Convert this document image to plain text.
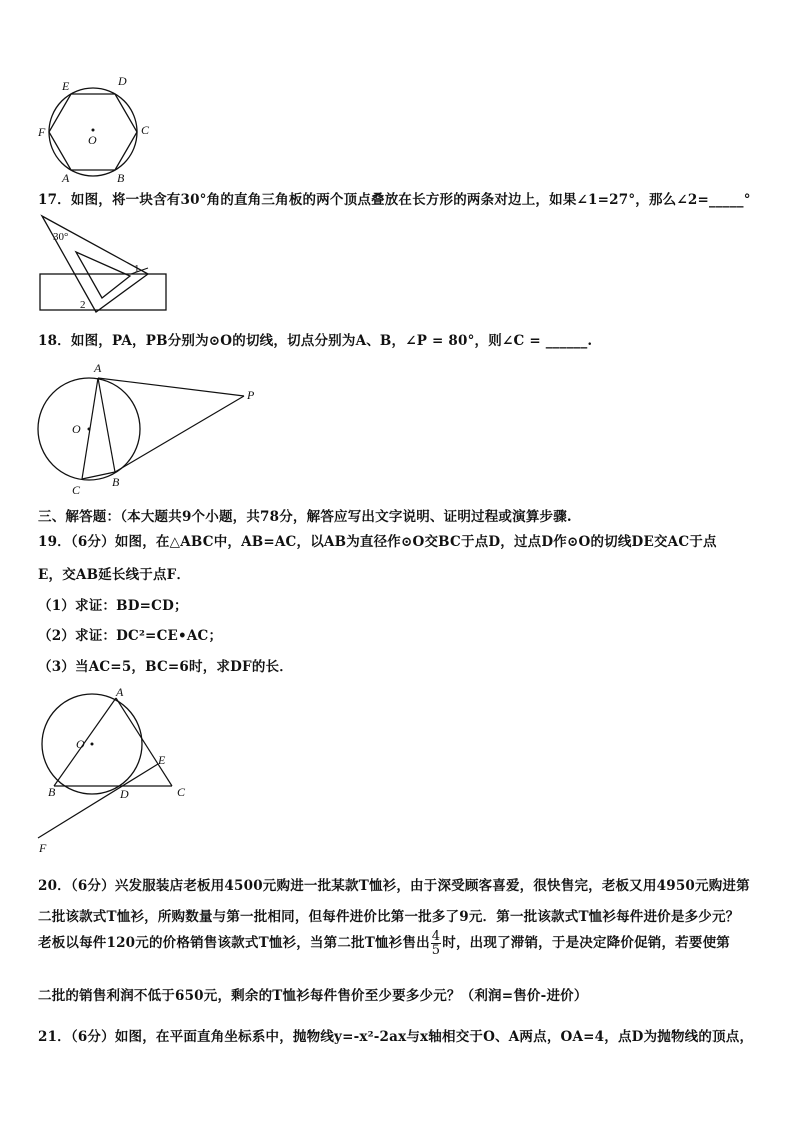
E	D
F	C
A	B
O
17．如图，将一块含有30°角的直角三角板的两个顶点叠放在长方形的两条对边上，如果∠1=27°，那么∠2=_____°
30°
1
2
18．如图，PA，PB分别为⊙O的切线，切点分别为A、B，∠P = 80°，则∠C = ______.
A
P
O
C
B
三、解答题：（本大题共9个小题，共78分，解答应写出文字说明、证明过程或演算步骤.
19．（6分）如图，在△ABC中，AB=AC，以AB为直径作⊙O交BC于点D，过点D作⊙O的切线DE交AC于点
E，交AB延长线于点F．
（1）求证：BD=CD；
（2）求证：DC²=CE•AC；
（3）当AC=5，BC=6时，求DF的长．
A
O
E
B	D	C
F
20．（6分）兴发服装店老板用4500元购进一批某款T恤衫，由于深受顾客喜爱，很快售完，老板又用4950元购进第
二批该款式T恤衫，所购数量与第一批相同，但每件进价比第一批多了9元．第一批该款式T恤衫每件进价是多少元？
老板以每件120元的价格销售该款式T恤衫，当第二批T恤衫售出 $\frac{4}{5}$ 时，出现了滞销，于是决定降价促销，若要使第
二批的销售利润不低于650元，剩余的T恤衫每件售价至少要多少元？（利润=售价-进价）
21．（6分）如图，在平面直角坐标系中，抛物线y=-x²-2ax与x轴相交于O、A两点，OA=4，点D为抛物线的顶点，
